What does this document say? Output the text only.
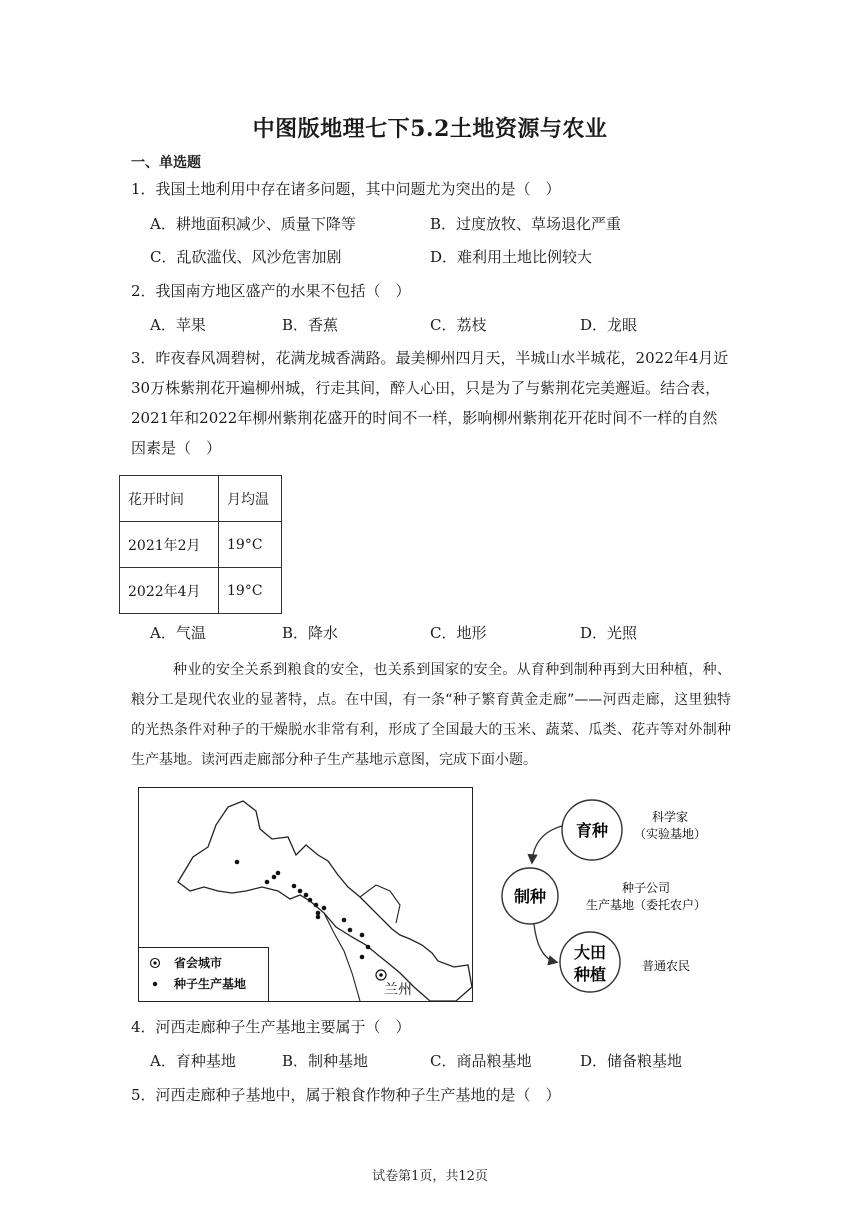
中图版地理七下5.2土地资源与农业
一、单选题
1．我国土地利用中存在诸多问题，其中问题尤为突出的是（　）
A．耕地面积减少、质量下降等	B．过度放牧、草场退化严重
C．乱砍滥伐、风沙危害加剧	D．难利用土地比例较大
2．我国南方地区盛产的水果不包括（　）
A．苹果	B．香蕉	C．荔枝	D．龙眼
3．昨夜春风凋碧树，花满龙城香满路。最美柳州四月天，半城山水半城花，2022年4月近30万株紫荆花开遍柳州城，行走其间，醉人心田，只是为了与紫荆花完美邂逅。结合表，2021年和2022年柳州紫荆花盛开的时间不一样，影响柳州紫荆花开花时间不一样的自然因素是（　）
花开时间	月均温
2021年2月	19°C
2022年4月	19°C
A．气温	B．降水	C．地形	D．光照
种业的安全关系到粮食的安全，也关系到国家的安全。从育种到制种再到大田种植，种、粮分工是现代农业的显著特，点。在中国，有一条“种子繁育黄金走廊”——河西走廊，这里独特的光热条件对种子的干燥脱水非常有利，形成了全国最大的玉米、蔬菜、瓜类、花卉等对外制种生产基地。读河西走廊部分种子生产基地示意图，完成下面小题。
兰州
省会城市
种子生产基地
育种
制种
大田
种植
科学家
（实验基地）
种子公司
生产基地（委托农户）
普通农民
4．河西走廊种子生产基地主要属于（　）
A．育种基地	B．制种基地	C．商品粮基地	D．储备粮基地
5．河西走廊种子基地中，属于粮食作物种子生产基地的是（　）
试卷第1页，共12页
